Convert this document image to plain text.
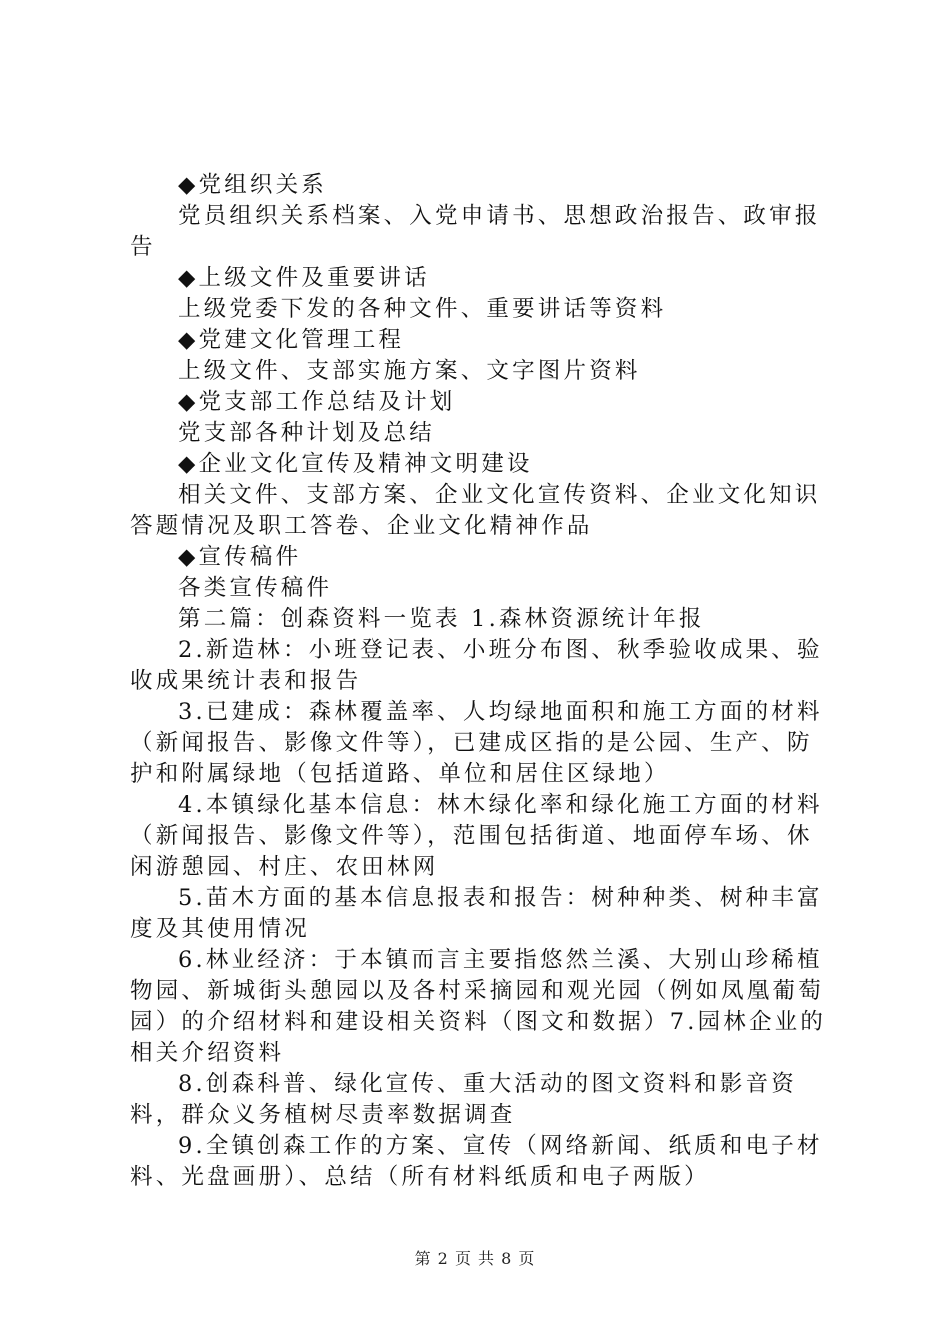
◆党组织关系

党员组织关系档案、入党申请书、思想政治报告、政审报告

◆上级文件及重要讲话

上级党委下发的各种文件、重要讲话等资料

◆党建文化管理工程

上级文件、支部实施方案、文字图片资料

◆党支部工作总结及计划

党支部各种计划及总结

◆企业文化宣传及精神文明建设

相关文件、支部方案、企业文化宣传资料、企业文化知识答题情况及职工答卷、企业文化精神作品

◆宣传稿件

各类宣传稿件

第二篇：创森资料一览表 1.森林资源统计年报

2.新造林：小班登记表、小班分布图、秋季验收成果、验收成果统计表和报告

3.已建成：森林覆盖率、人均绿地面积和施工方面的材料（新闻报告、影像文件等），已建成区指的是公园、生产、防护和附属绿地（包括道路、单位和居住区绿地）

4.本镇绿化基本信息：林木绿化率和绿化施工方面的材料（新闻报告、影像文件等），范围包括街道、地面停车场、休闲游憩园、村庄、农田林网

5.苗木方面的基本信息报表和报告：树种种类、树种丰富度及其使用情况

6.林业经济：于本镇而言主要指悠然兰溪、大别山珍稀植物园、新城街头憩园以及各村采摘园和观光园（例如凤凰葡萄园）的介绍材料和建设相关资料（图文和数据）7.园林企业的相关介绍资料

8.创森科普、绿化宣传、重大活动的图文资料和影音资料，群众义务植树尽责率数据调查

9.全镇创森工作的方案、宣传（网络新闻、纸质和电子材料、光盘画册）、总结（所有材料纸质和电子两版）

第 2 页 共 8 页
